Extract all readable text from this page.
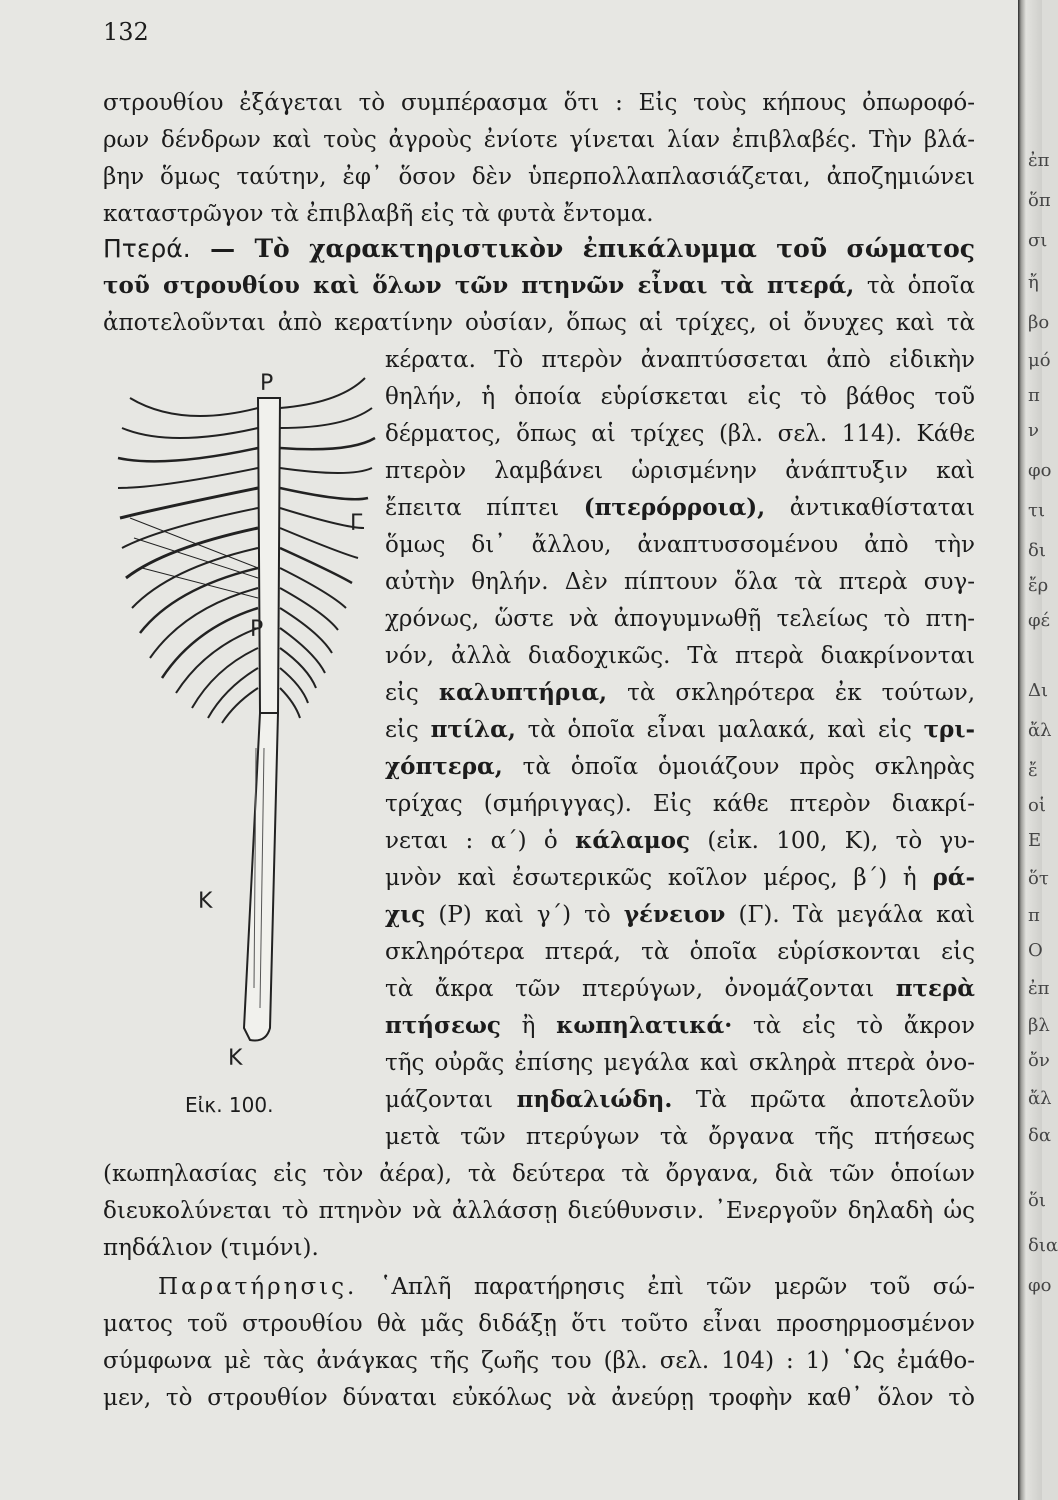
132
στρουθίου ἐξάγεται τὸ συμπέρασμα ὅτι : Εἰς τοὺς κήπους ὀπωροφό-
ρων δένδρων καὶ τοὺς ἀγροὺς ἐνίοτε γίνεται λίαν ἐπιβλαβές. Τὴν βλά-
βην ὅμως ταύτην, ἐφ᾽ ὅσον δὲν ὑπερπολλαπλασιάζεται, ἀποζημιώνει
καταστρῶγον τὰ ἐπιβλαβῆ εἰς τὰ φυτὰ ἔντομα.
Πτερά. — Τὸ χαρακτηριστικὸν ἐπικάλυμμα τοῦ σώματος
τοῦ στρουθίου καὶ ὅλων τῶν πτηνῶν εἶναι τὰ πτερά, τὰ ὁποῖα
ἀποτελοῦνται ἀπὸ κερατίνην οὐσίαν, ὅπως αἱ τρίχες, οἱ ὄνυχες καὶ τὰ
κέρατα. Τὸ πτερὸν ἀναπτύσσεται ἀπὸ εἰδικὴν
θηλήν, ἡ ὁποία εὑρίσκεται εἰς τὸ βάθος τοῦ
δέρματος, ὅπως αἱ τρίχες (βλ. σελ. 114). Κάθε
πτερὸν λαμβάνει ὡρισμένην ἀνάπτυξιν καὶ
ἔπειτα πίπτει (πτερόρροια), ἀντικαθίσταται
ὅμως δι᾽ ἄλλου, ἀναπτυσσομένου ἀπὸ τὴν
αὐτὴν θηλήν. Δὲν πίπτουν ὅλα τὰ πτερὰ συγ-
χρόνως, ὥστε νὰ ἀπογυμνωθῇ τελείως τὸ πτη-
νόν, ἀλλὰ διαδοχικῶς. Τὰ πτερὰ διακρίνονται
εἰς καλυπτήρια, τὰ σκληρότερα ἐκ τούτων,
εἰς πτίλα, τὰ ὁποῖα εἶναι μαλακά, καὶ εἰς τρι-
χόπτερα, τὰ ὁποῖα ὁμοιάζουν πρὸς σκληρὰς
τρίχας (σμήριγγας). Εἰς κάθε πτερὸν διακρί-
νεται : α΄) ὁ κάλαμος (εἰκ. 100, Κ), τὸ γυ-
μνὸν καὶ ἐσωτερικῶς κοῖλον μέρος, β΄) ἡ ρά-
χις (Ρ) καὶ γ΄) τὸ γένειον (Γ). Τὰ μεγάλα καὶ
σκληρότερα πτερά, τὰ ὁποῖα εὑρίσκονται εἰς
τὰ ἄκρα τῶν πτερύγων, ὀνομάζονται πτερὰ
πτήσεως ἢ κωπηλατικά· τὰ εἰς τὸ ἄκρον
τῆς οὐρᾶς ἐπίσης μεγάλα καὶ σκληρὰ πτερὰ ὀνο-
μάζονται πηδαλιώδη. Τὰ πρῶτα ἀποτελοῦν
μετὰ τῶν πτερύγων τὰ ὄργανα τῆς πτήσεως
(κωπηλασίας εἰς τὸν ἀέρα), τὰ δεύτερα τὰ ὄργανα, διὰ τῶν ὁποίων
διευκολύνεται τὸ πτηνὸν νὰ ἀλλάσσῃ διεύθυνσιν. ᾿Ενεργοῦν δηλαδὴ ὡς
πηδάλιον (τιμόνι).
Παρατήρησις. ῾Απλῆ παρατήρησις ἐπὶ τῶν μερῶν τοῦ σώ-
ματος τοῦ στρουθίου θὰ μᾶς διδάξῃ ὅτι τοῦτο εἶναι προσηρμοσμένον
σύμφωνα μὲ τὰς ἀνάγκας τῆς ζωῆς του (βλ. σελ. 104) : 1) ῾Ως ἐμάθο-
μεν, τὸ στρουθίον δύναται εὐκόλως νὰ ἀνεύρῃ τροφὴν καθ᾽ ὅλον τὸ
Ρ
Γ
Ρ
Κ
Κ
Εἰκ. 100.
ἐπ
ὅπ
σι
ἤ
βο
μό
π
ν
φο
τι
δι
ἔρ
φέ
Δι
ἄλ
ἔ
οἱ
Ε
ὅτ
π
Ο
ἐπ
βλ
ὄν
ἄλ
δα
ὅι
δια
φο
